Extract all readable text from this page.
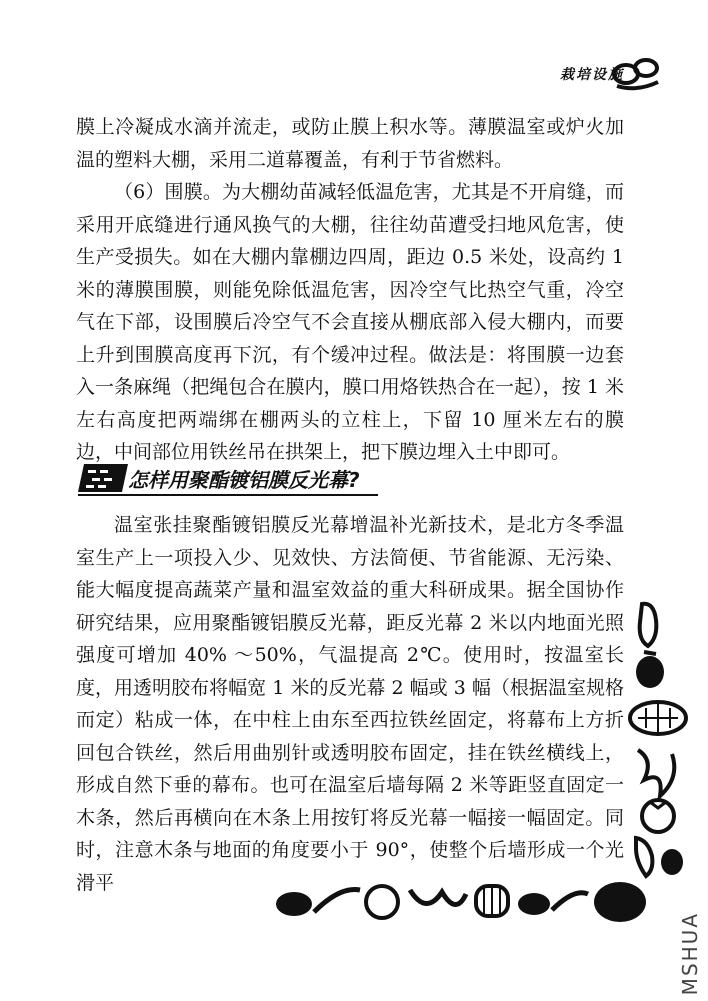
栽培设施

膜上冷凝成水滴并流走，或防止膜上积水等。薄膜温室或炉火加温的塑料大棚，采用二道幕覆盖，有利于节省燃料。

（6）围膜。为大棚幼苗减轻低温危害，尤其是不开肩缝，而采用开底缝进行通风换气的大棚，往往幼苗遭受扫地风危害，使生产受损失。如在大棚内靠棚边四周，距边 0.5 米处，设高约 1 米的薄膜围膜，则能免除低温危害，因冷空气比热空气重，冷空气在下部，设围膜后冷空气不会直接从棚底部入侵大棚内，而要上升到围膜高度再下沉，有个缓冲过程。做法是：将围膜一边套入一条麻绳（把绳包合在膜内，膜口用烙铁热合在一起），按 1 米左右高度把两端绑在棚两头的立柱上，下留 10 厘米左右的膜边，中间部位用铁丝吊在拱架上，把下膜边埋入土中即可。

怎样用聚酯镀铝膜反光幕?

温室张挂聚酯镀铝膜反光幕增温补光新技术，是北方冬季温室生产上一项投入少、见效快、方法简便、节省能源、无污染、能大幅度提高蔬菜产量和温室效益的重大科研成果。据全国协作研究结果，应用聚酯镀铝膜反光幕，距反光幕 2 米以内地面光照强度可增加 40% ～50%，气温提高 2℃。使用时，按温室长度，用透明胶布将幅宽 1 米的反光幕 2 幅或 3 幅（根据温室规格而定）粘成一体，在中柱上由东至西拉铁丝固定，将幕布上方折回包合铁丝，然后用曲别针或透明胶布固定，挂在铁丝横线上，形成自然下垂的幕布。也可在温室后墙每隔 2 米等距竖直固定一木条，然后再横向在木条上用按钉将反光幕一幅接一幅固定。同时，注意木条与地面的角度要小于 90°，使整个后墙形成一个光滑平

MSHUA
